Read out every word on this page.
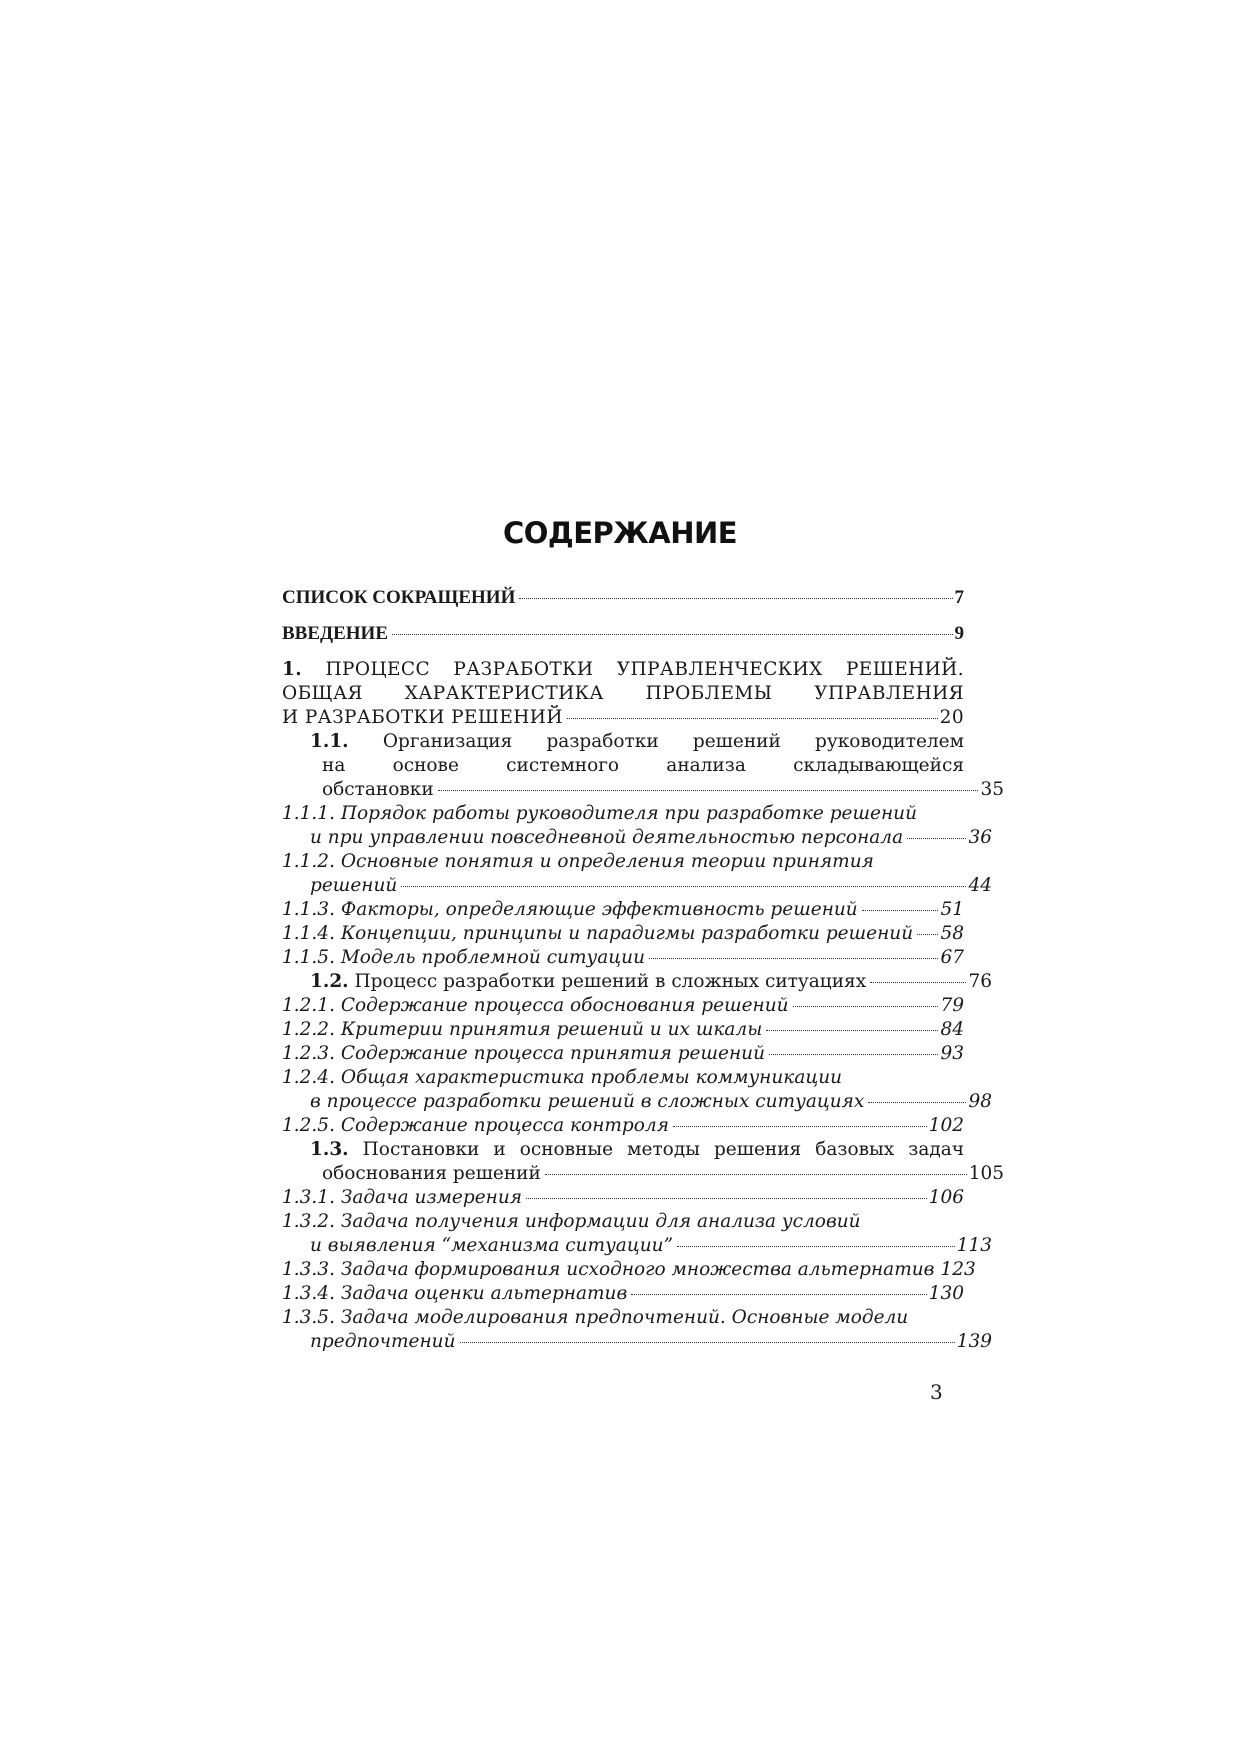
СОДЕРЖАНИЕ
СПИСОК СОКРАЩЕНИЙ	7
ВВЕДЕНИЕ	9
1. ПРОЦЕСС РАЗРАБОТКИ УПРАВЛЕНЧЕСКИХ РЕШЕНИЙ.
ОБЩАЯ ХАРАКТЕРИСТИКА ПРОБЛЕМЫ УПРАВЛЕНИЯ
И РАЗРАБОТКИ РЕШЕНИЙ	20
1.1. Организация разработки решений руководителем
на основе системного анализа складывающейся
обстановки	35
1.1.1. Порядок работы руководителя при разработке решений
и при управлении повседневной деятельностью персонала	36
1.1.2. Основные понятия и определения теории принятия
решений	44
1.1.3. Факторы, определяющие эффективность решений	51
1.1.4. Концепции, принципы и парадигмы разработки решений 58
1.1.5. Модель проблемной ситуации	67
1.2. Процесс разработки решений в сложных ситуациях	76
1.2.1. Содержание процесса обоснования решений	79
1.2.2. Критерии принятия решений и их шкалы	84
1.2.3. Содержание процесса принятия решений	93
1.2.4. Общая характеристика проблемы коммуникации
в процессе разработки решений в сложных ситуациях	98
1.2.5. Содержание процесса контроля	102
1.3. Постановки и основные методы решения базовых задач
обоснования решений	105
1.3.1. Задача измерения	106
1.3.2. Задача получения информации для анализа условий
и выявления “механизма ситуации”	113
1.3.3. Задача формирования исходного множества альтернатив 123
1.3.4. Задача оценки альтернатив	130
1.3.5. Задача моделирования предпочтений. Основные модели
предпочтений	139
3
